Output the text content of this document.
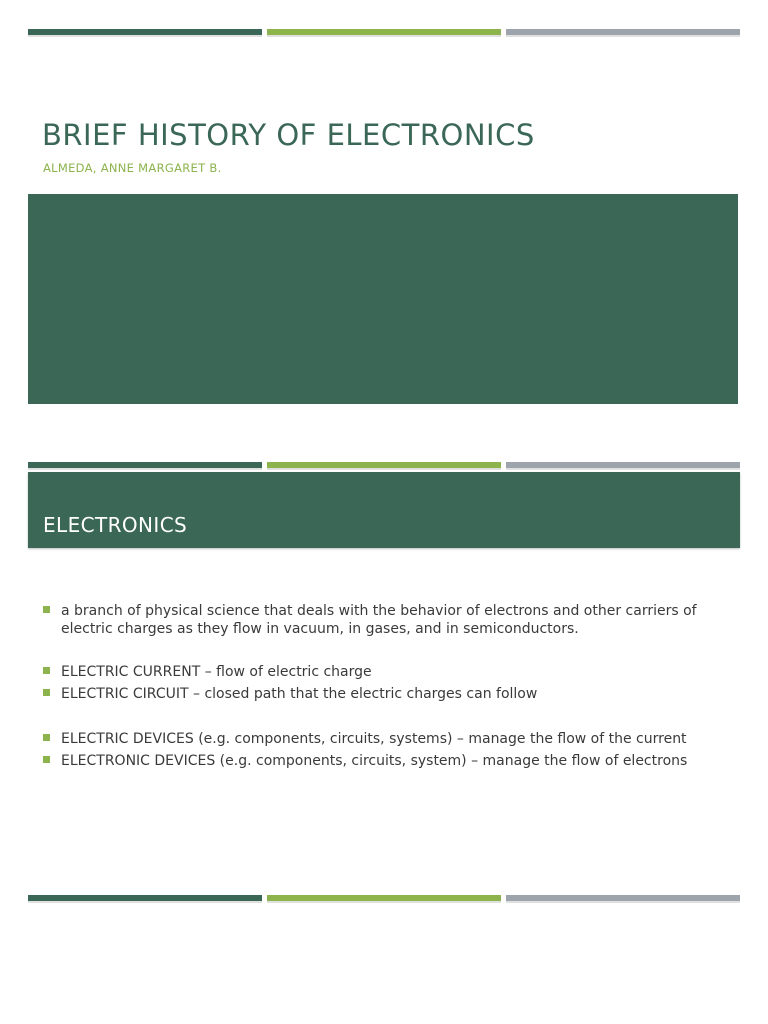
BRIEF HISTORY OF ELECTRONICS
ALMEDA, ANNE MARGARET B.
ELECTRONICS
a branch of physical science that deals with the behavior of electrons and other carriers of electric charges as they flow in vacuum, in gases, and in semiconductors.
ELECTRIC CURRENT – flow of electric charge
ELECTRIC CIRCUIT – closed path that the electric charges can follow
ELECTRIC DEVICES (e.g. components, circuits, systems) – manage the flow of the current
ELECTRONIC DEVICES (e.g. components, circuits, system) – manage the flow of electrons
